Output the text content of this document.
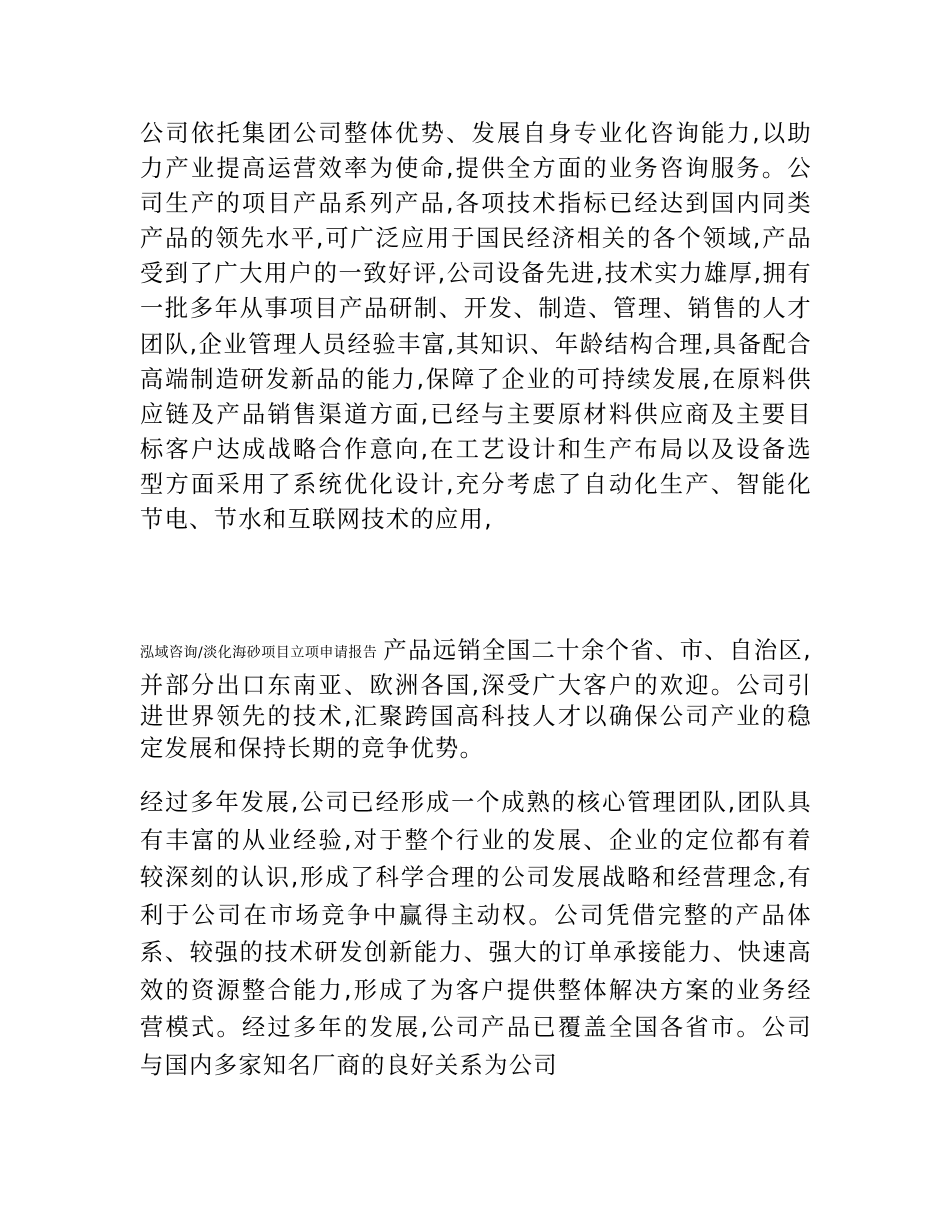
公司依托集团公司整体优势、发展自身专业化咨询能力,以助力产业提高运营效率为使命,提供全方面的业务咨询服务。公司生产的项目产品系列产品,各项技术指标已经达到国内同类产品的领先水平,可广泛应用于国民经济相关的各个领域,产品受到了广大用户的一致好评,公司设备先进,技术实力雄厚,拥有一批多年从事项目产品研制、开发、制造、管理、销售的人才团队,企业管理人员经验丰富,其知识、年龄结构合理,具备配合高端制造研发新品的能力,保障了企业的可持续发展,在原料供应链及产品销售渠道方面,已经与主要原材料供应商及主要目标客户达成战略合作意向,在工艺设计和生产布局以及设备选型方面采用了系统优化设计,充分考虑了自动化生产、智能化节电、节水和互联网技术的应用,

泓域咨询/淡化海砂项目立项申请报告 产品远销全国二十余个省、市、自治区,并部分出口东南亚、欧洲各国,深受广大客户的欢迎。公司引进世界领先的技术,汇聚跨国高科技人才以确保公司产业的稳定发展和保持长期的竞争优势。

经过多年发展,公司已经形成一个成熟的核心管理团队,团队具有丰富的从业经验,对于整个行业的发展、企业的定位都有着较深刻的认识,形成了科学合理的公司发展战略和经营理念,有利于公司在市场竞争中赢得主动权。公司凭借完整的产品体系、较强的技术研发创新能力、强大的订单承接能力、快速高效的资源整合能力,形成了为客户提供整体解决方案的业务经营模式。经过多年的发展,公司产品已覆盖全国各省市。公司与国内多家知名厂商的良好关系为公司
